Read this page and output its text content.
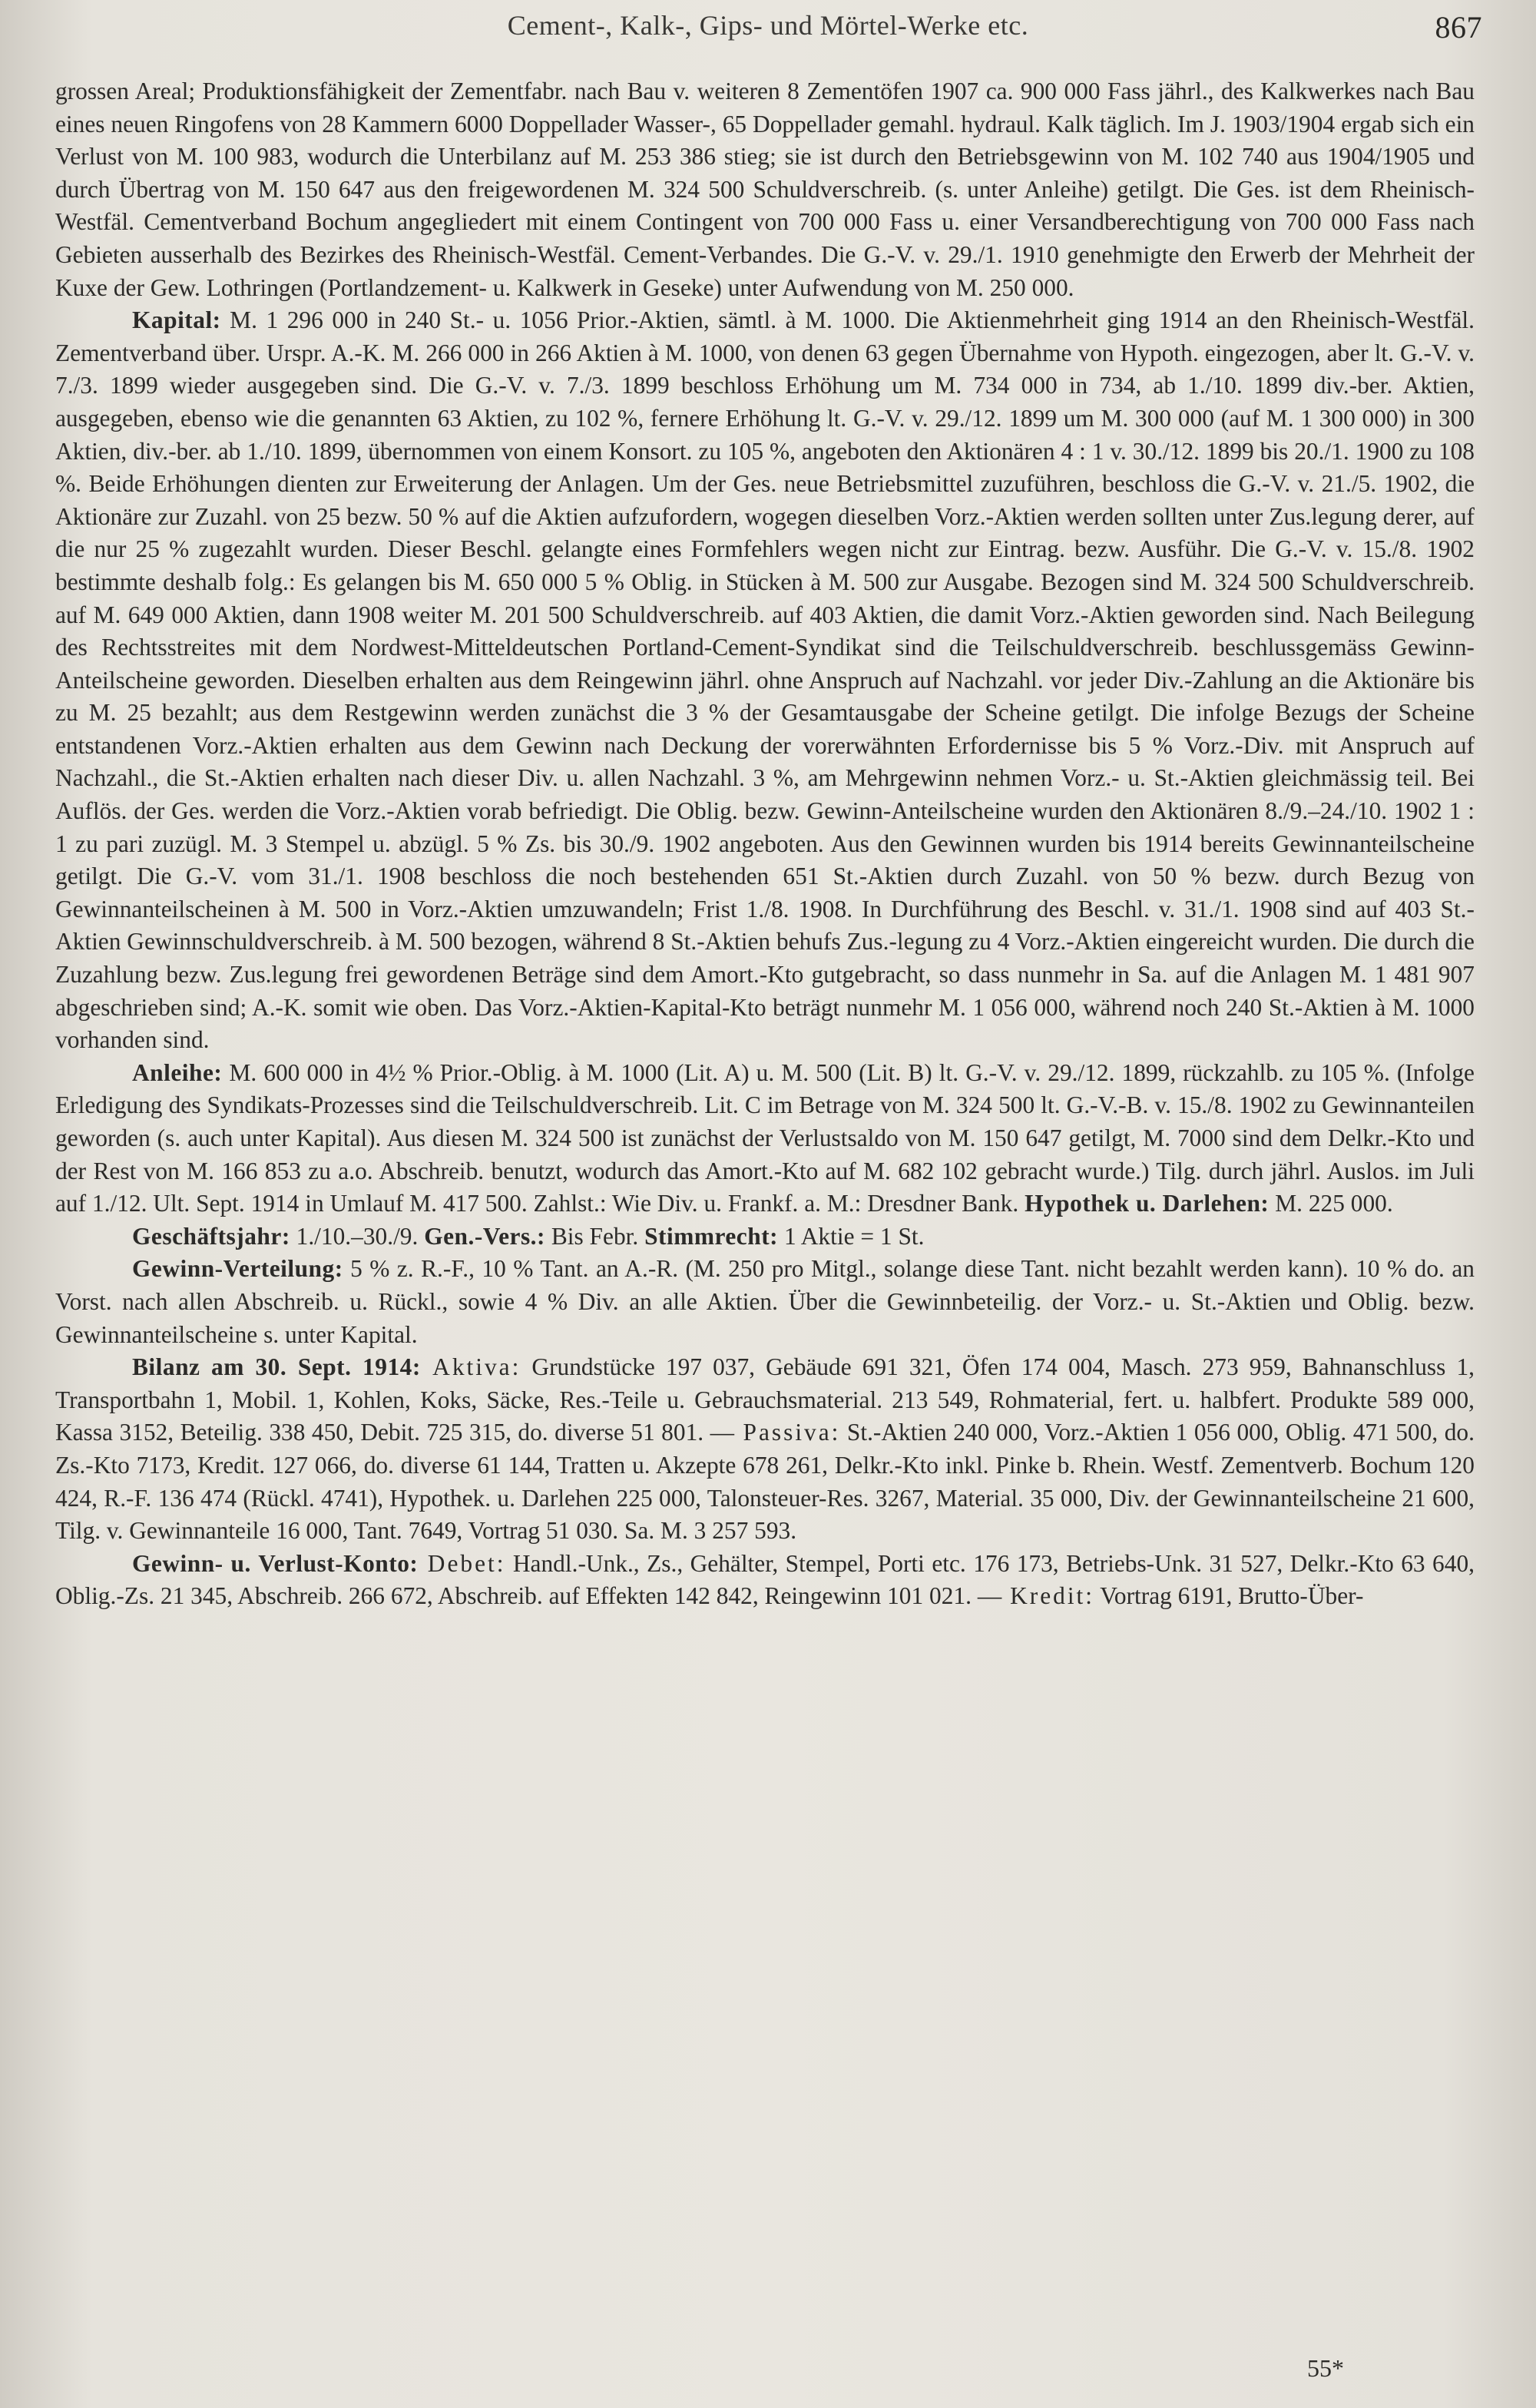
Cement-, Kalk-, Gips- und Mörtel-Werke etc.	867

grossen Areal; Produktionsfähigkeit der Zementfabr. nach Bau v. weiteren 8 Zementöfen 1907 ca. 900 000 Fass jährl., des Kalkwerkes nach Bau eines neuen Ringofens von 28 Kammern 6000 Doppellader Wasser-, 65 Doppellader gemahl. hydraul. Kalk täglich. Im J. 1903/1904 ergab sich ein Verlust von M. 100 983, wodurch die Unterbilanz auf M. 253 386 stieg; sie ist durch den Betriebsgewinn von M. 102 740 aus 1904/1905 und durch Übertrag von M. 150 647 aus den freigewordenen M. 324 500 Schuldverschreib. (s. unter Anleihe) getilgt. Die Ges. ist dem Rheinisch-Westfäl. Cementverband Bochum angegliedert mit einem Contingent von 700 000 Fass u. einer Versandberechtigung von 700 000 Fass nach Gebieten ausserhalb des Bezirkes des Rheinisch-Westfäl. Cement-Verbandes. Die G.-V. v. 29./1. 1910 genehmigte den Erwerb der Mehrheit der Kuxe der Gew. Lothringen (Portlandzement- u. Kalkwerk in Geseke) unter Aufwendung von M. 250 000.

Kapital: M. 1 296 000 in 240 St.- u. 1056 Prior.-Aktien, sämtl. à M. 1000. Die Aktienmehrheit ging 1914 an den Rheinisch-Westfäl. Zementverband über. Urspr. A.-K. M. 266 000 in 266 Aktien à M. 1000, von denen 63 gegen Übernahme von Hypoth. eingezogen, aber lt. G.-V. v. 7./3. 1899 wieder ausgegeben sind. Die G.-V. v. 7./3. 1899 beschloss Erhöhung um M. 734 000 in 734, ab 1./10. 1899 div.-ber. Aktien, ausgegeben, ebenso wie die genannten 63 Aktien, zu 102 %, fernere Erhöhung lt. G.-V. v. 29./12. 1899 um M. 300 000 (auf M. 1 300 000) in 300 Aktien, div.-ber. ab 1./10. 1899, übernommen von einem Konsort. zu 105 %, angeboten den Aktionären 4 : 1 v. 30./12. 1899 bis 20./1. 1900 zu 108 %. Beide Erhöhungen dienten zur Erweiterung der Anlagen. Um der Ges. neue Betriebsmittel zuzuführen, beschloss die G.-V. v. 21./5. 1902, die Aktionäre zur Zuzahl. von 25 bezw. 50 % auf die Aktien aufzufordern, wogegen dieselben Vorz.-Aktien werden sollten unter Zus.legung derer, auf die nur 25 % zugezahlt wurden. Dieser Beschl. gelangte eines Formfehlers wegen nicht zur Eintrag. bezw. Ausführ. Die G.-V. v. 15./8. 1902 bestimmte deshalb folg.: Es gelangen bis M. 650 000 5 % Oblig. in Stücken à M. 500 zur Ausgabe. Bezogen sind M. 324 500 Schuldverschreib. auf M. 649 000 Aktien, dann 1908 weiter M. 201 500 Schuldverschreib. auf 403 Aktien, die damit Vorz.-Aktien geworden sind. Nach Beilegung des Rechtsstreites mit dem Nordwest-Mitteldeutschen Portland-Cement-Syndikat sind die Teilschuldverschreib. beschlussgemäss Gewinn-Anteilscheine geworden. Dieselben erhalten aus dem Reingewinn jährl. ohne Anspruch auf Nachzahl. vor jeder Div.-Zahlung an die Aktionäre bis zu M. 25 bezahlt; aus dem Restgewinn werden zunächst die 3 % der Gesamtausgabe der Scheine getilgt. Die infolge Bezugs der Scheine entstandenen Vorz.-Aktien erhalten aus dem Gewinn nach Deckung der vorerwähnten Erfordernisse bis 5 % Vorz.-Div. mit Anspruch auf Nachzahl., die St.-Aktien erhalten nach dieser Div. u. allen Nachzahl. 3 %, am Mehrgewinn nehmen Vorz.- u. St.-Aktien gleichmässig teil. Bei Auflös. der Ges. werden die Vorz.-Aktien vorab befriedigt. Die Oblig. bezw. Gewinn-Anteilscheine wurden den Aktionären 8./9.–24./10. 1902 1 : 1 zu pari zuzügl. M. 3 Stempel u. abzügl. 5 % Zs. bis 30./9. 1902 angeboten. Aus den Gewinnen wurden bis 1914 bereits Gewinnanteilscheine getilgt. Die G.-V. vom 31./1. 1908 beschloss die noch bestehenden 651 St.-Aktien durch Zuzahl. von 50 % bezw. durch Bezug von Gewinnanteilscheinen à M. 500 in Vorz.-Aktien umzuwandeln; Frist 1./8. 1908. In Durchführung des Beschl. v. 31./1. 1908 sind auf 403 St.-Aktien Gewinnschuldverschreib. à M. 500 bezogen, während 8 St.-Aktien behufs Zus.-legung zu 4 Vorz.-Aktien eingereicht wurden. Die durch die Zuzahlung bezw. Zus.legung frei gewordenen Beträge sind dem Amort.-Kto gutgebracht, so dass nunmehr in Sa. auf die Anlagen M. 1 481 907 abgeschrieben sind; A.-K. somit wie oben. Das Vorz.-Aktien-Kapital-Kto beträgt nunmehr M. 1 056 000, während noch 240 St.-Aktien à M. 1000 vorhanden sind.

Anleihe: M. 600 000 in 4½ % Prior.-Oblig. à M. 1000 (Lit. A) u. M. 500 (Lit. B) lt. G.-V. v. 29./12. 1899, rückzahlb. zu 105 %. (Infolge Erledigung des Syndikats-Prozesses sind die Teilschuldverschreib. Lit. C im Betrage von M. 324 500 lt. G.-V.-B. v. 15./8. 1902 zu Gewinnanteilen geworden (s. auch unter Kapital). Aus diesen M. 324 500 ist zunächst der Verlustsaldo von M. 150 647 getilgt, M. 7000 sind dem Delkr.-Kto und der Rest von M. 166 853 zu a.o. Abschreib. benutzt, wodurch das Amort.-Kto auf M. 682 102 gebracht wurde.) Tilg. durch jährl. Auslos. im Juli auf 1./12. Ult. Sept. 1914 in Umlauf M. 417 500. Zahlst.: Wie Div. u. Frankf. a. M.: Dresdner Bank. Hypothek u. Darlehen: M. 225 000.

Geschäftsjahr: 1./10.–30./9. Gen.-Vers.: Bis Febr. Stimmrecht: 1 Aktie = 1 St.

Gewinn-Verteilung: 5 % z. R.-F., 10 % Tant. an A.-R. (M. 250 pro Mitgl., solange diese Tant. nicht bezahlt werden kann). 10 % do. an Vorst. nach allen Abschreib. u. Rückl., sowie 4 % Div. an alle Aktien. Über die Gewinnbeteilig. der Vorz.- u. St.-Aktien und Oblig. bezw. Gewinnanteilscheine s. unter Kapital.

Bilanz am 30. Sept. 1914: Aktiva: Grundstücke 197 037, Gebäude 691 321, Öfen 174 004, Masch. 273 959, Bahnanschluss 1, Transportbahn 1, Mobil. 1, Kohlen, Koks, Säcke, Res.-Teile u. Gebrauchsmaterial. 213 549, Rohmaterial, fert. u. halbfert. Produkte 589 000, Kassa 3152, Beteilig. 338 450, Debit. 725 315, do. diverse 51 801. — Passiva: St.-Aktien 240 000, Vorz.-Aktien 1 056 000, Oblig. 471 500, do. Zs.-Kto 7173, Kredit. 127 066, do. diverse 61 144, Tratten u. Akzepte 678 261, Delkr.-Kto inkl. Pinke b. Rhein. Westf. Zementverb. Bochum 120 424, R.-F. 136 474 (Rückl. 4741), Hypothek. u. Darlehen 225 000, Talonsteuer-Res. 3267, Material. 35 000, Div. der Gewinnanteilscheine 21 600, Tilg. v. Gewinnanteile 16 000, Tant. 7649, Vortrag 51 030. Sa. M. 3 257 593.

Gewinn- u. Verlust-Konto: Debet: Handl.-Unk., Zs., Gehälter, Stempel, Porti etc. 176 173, Betriebs-Unk. 31 527, Delkr.-Kto 63 640, Oblig.-Zs. 21 345, Abschreib. 266 672, Abschreib. auf Effekten 142 842, Reingewinn 101 021. — Kredit: Vortrag 6191, Brutto-Über-

55*
